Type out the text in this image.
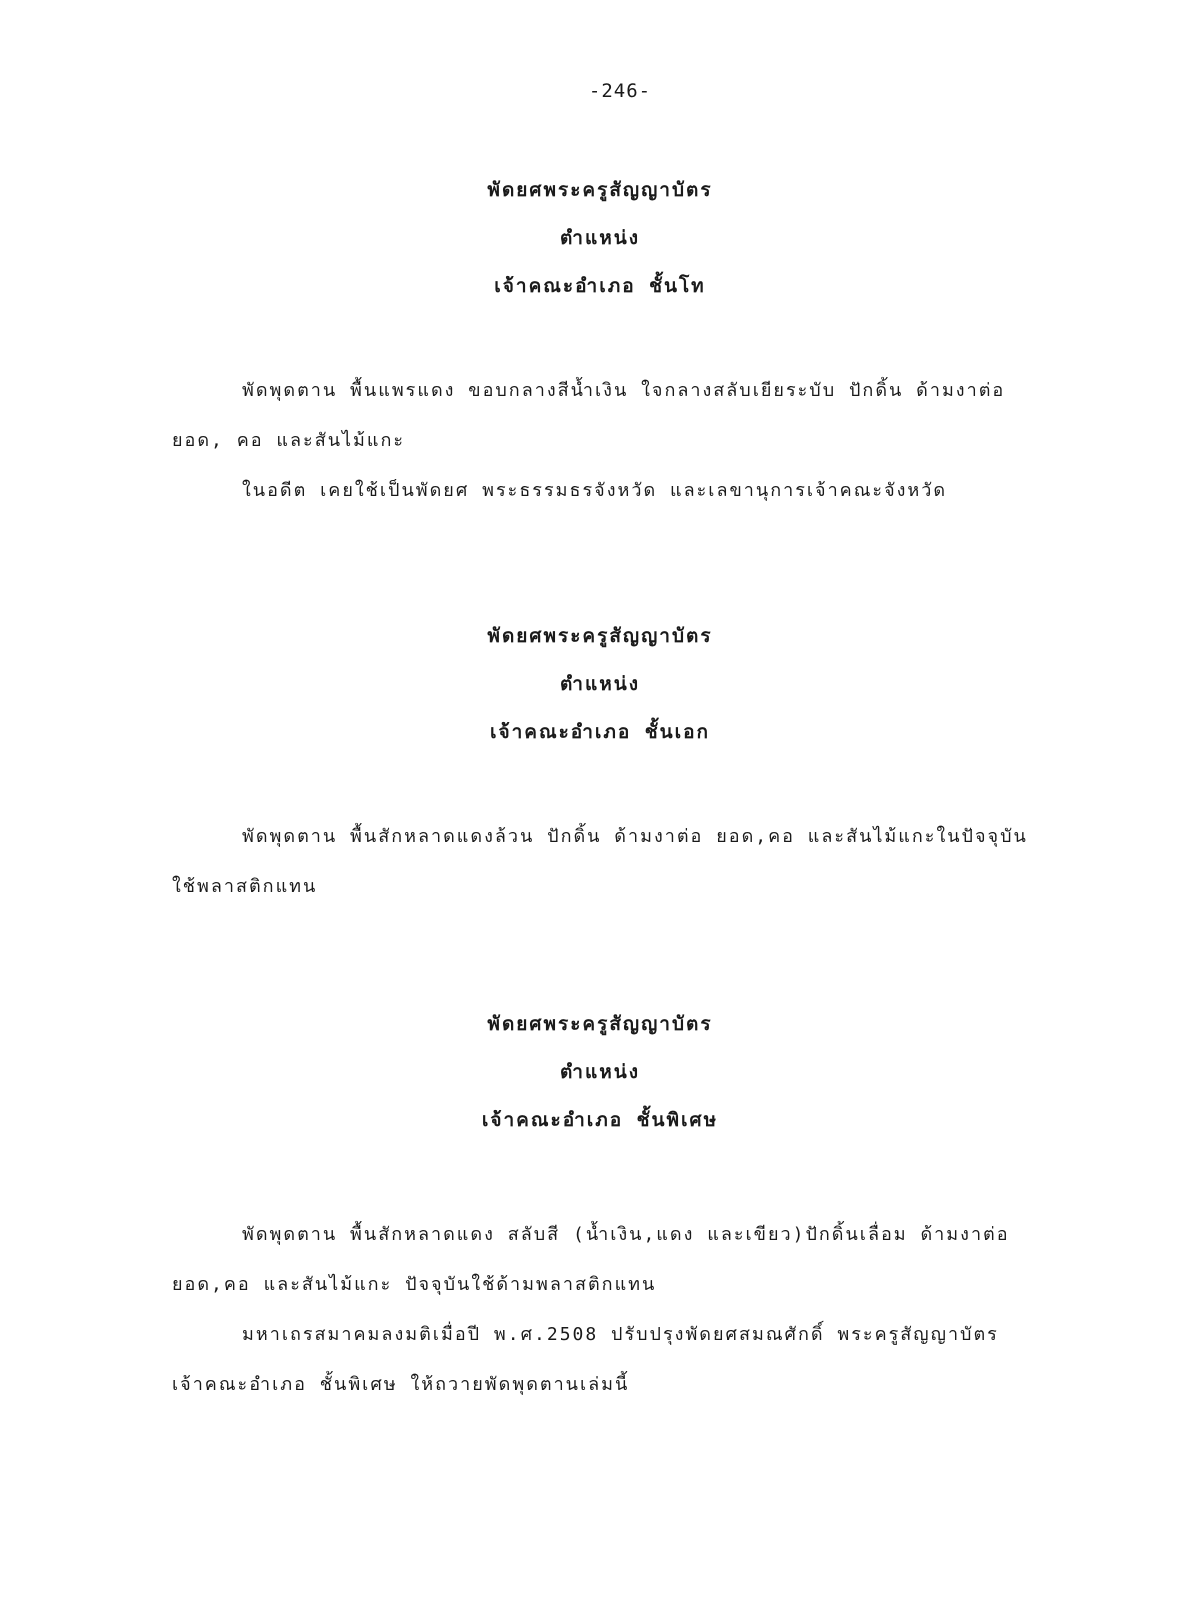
-246-
พัดยศพระครูสัญญาบัตร
ตำแหน่ง
เจ้าคณะอำเภอ ชั้นโท
พัดพุดตาน พื้นแพรแดง ขอบกลางสีน้ำเงิน ใจกลางสลับเยียระบับ ปักดิ้น ด้ามงาต่อ
ยอด, คอ และสันไม้แกะ
ในอดีต เคยใช้เป็นพัดยศ พระธรรมธรจังหวัด และเลขานุการเจ้าคณะจังหวัด
พัดยศพระครูสัญญาบัตร
ตำแหน่ง
เจ้าคณะอำเภอ ชั้นเอก
พัดพุดตาน พื้นสักหลาดแดงล้วน ปักดิ้น ด้ามงาต่อ ยอด,คอ และสันไม้แกะในปัจจุบัน
ใช้พลาสติกแทน
พัดยศพระครูสัญญาบัตร
ตำแหน่ง
เจ้าคณะอำเภอ ชั้นพิเศษ
พัดพุดตาน พื้นสักหลาดแดง สลับสี (น้ำเงิน,แดง และเขียว)ปักดิ้นเลื่อม ด้ามงาต่อ
ยอด,คอ และสันไม้แกะ ปัจจุบันใช้ด้ามพลาสติกแทน
มหาเถรสมาคมลงมติเมื่อปี พ.ศ.2508 ปรับปรุงพัดยศสมณศักดิ์ พระครูสัญญาบัตร
เจ้าคณะอำเภอ ชั้นพิเศษ ให้ถวายพัดพุดตานเล่มนี้
